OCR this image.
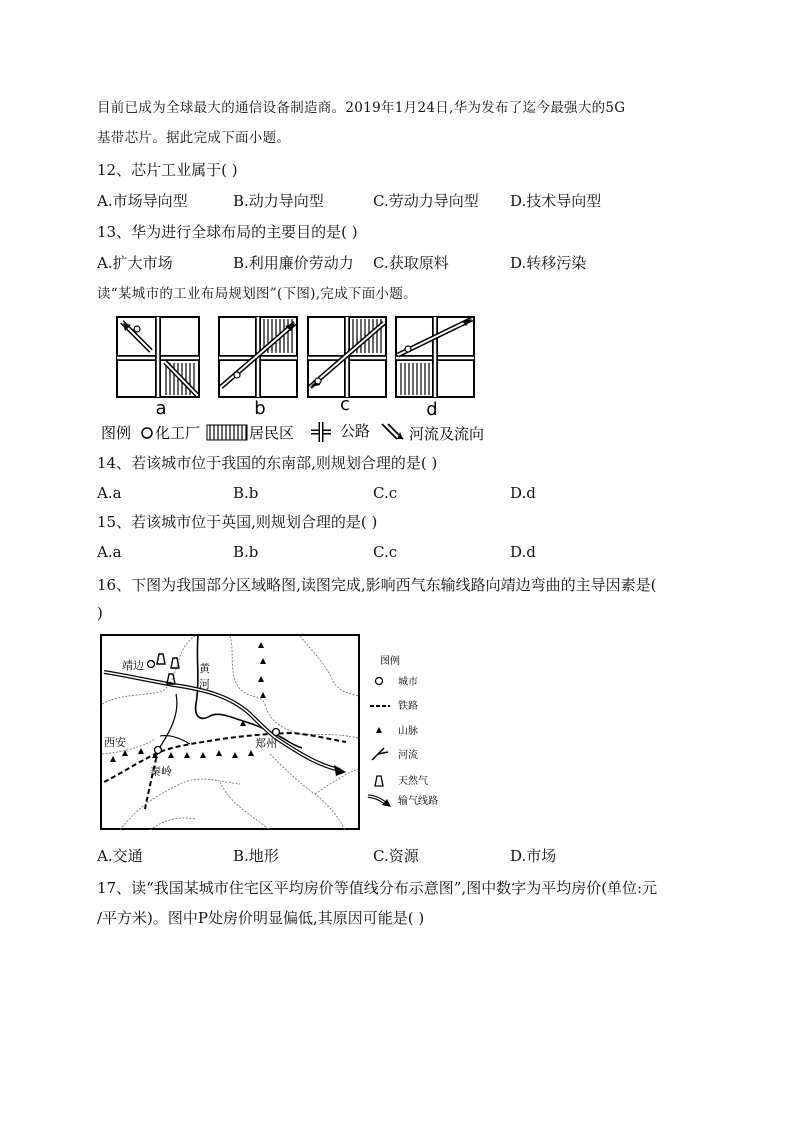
目前已成为全球最大的通信设备制造商。2019年1月24日,华为发布了迄今最强大的5G
基带芯片。据此完成下面小题。
12、芯片工业属于( )
A.市场导向型	B.动力导向型	C.劳动力导向型 D.技术导向型
13、华为进行全球布局的主要目的是( )
A.扩大市场	B.利用廉价劳动力 C.获取原料	D.转移污染
读“某城市的工业布局规划图”(下图),完成下面小题。
a	b	c	d
图例 化工厂	居民区	公路	河流及流向
14、若该城市位于我国的东南部,则规划合理的是( )
A.a	B.b	C.c	D.d
15、若该城市位于英国,则规划合理的是( )
A.a	B.b	C.c	D.d
16、下图为我国部分区域略图,读图完成,影响西气东输线路向靖边弯曲的主导因素是(
)
靖边
西安	郑州
黄
河
秦岭
图例
城市
铁路
山脉
河流
天然气
输气线路
A.交通	B.地形	C.资源	D.市场
17、读“我国某城市住宅区平均房价等值线分布示意图”,图中数字为平均房价(单位:元
/平方米)。图中P处房价明显偏低,其原因可能是( )
